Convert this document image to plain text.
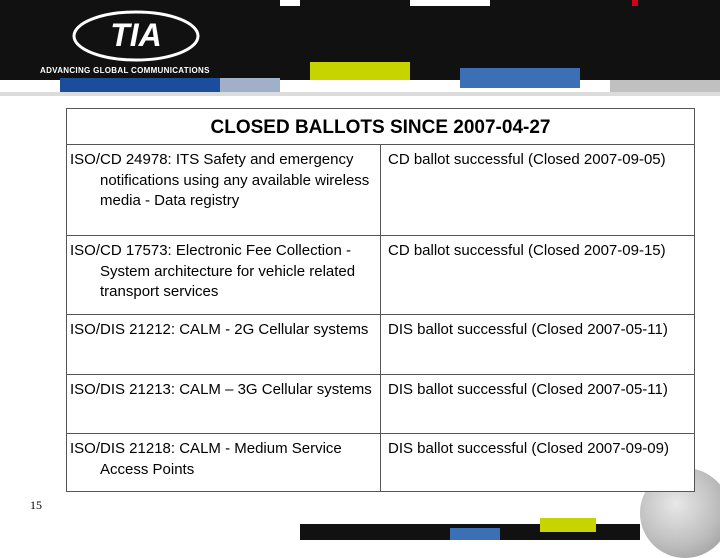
TIA
ADVANCING GLOBAL COMMUNICATIONS
CLOSED BALLOTS SINCE 2007-04-27
ISO/CD 24978: ITS Safety and emergency notifications using any available wireless media - Data registry
CD ballot successful (Closed 2007-09-05)
ISO/CD 17573: Electronic Fee Collection - System architecture for vehicle related transport services
CD ballot successful (Closed 2007-09-15)
ISO/DIS 21212: CALM - 2G Cellular systems	DIS ballot successful (Closed 2007-05-11)
ISO/DIS 21213: CALM – 3G Cellular systems	DIS ballot successful (Closed 2007-05-11)
ISO/DIS 21218: CALM - Medium Service Access Points
DIS ballot successful (Closed 2007-09-09)
15
